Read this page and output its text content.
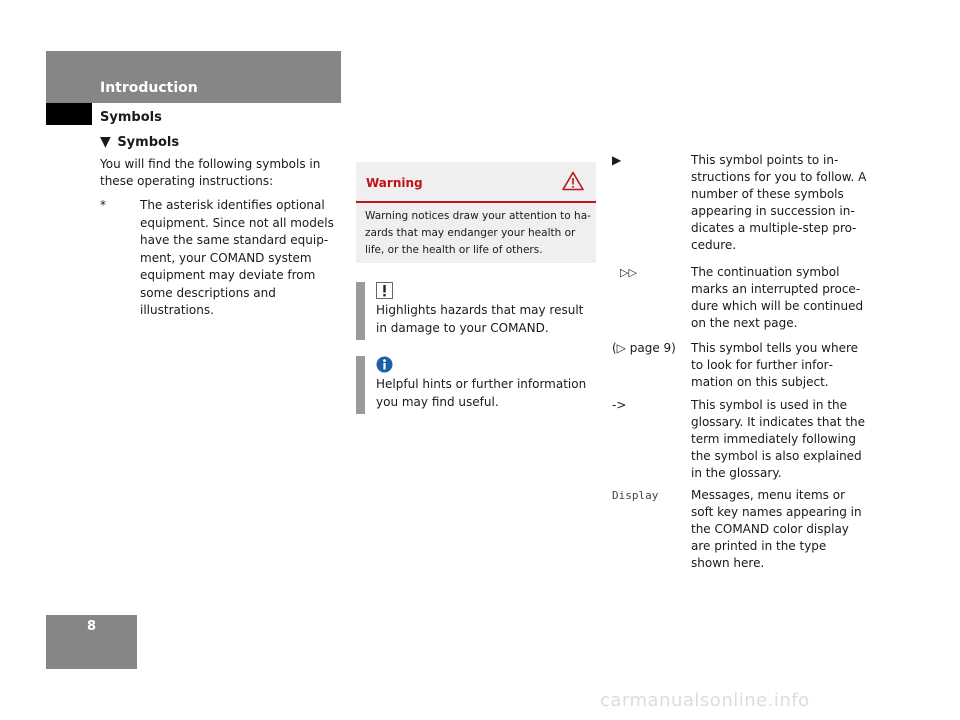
Introduction
Symbols
▼ Symbols
You will find the following symbols in these operating instructions:
*	The asterisk identifies optional equipment. Since not all models have the same standard equipment, your COMAND system equipment may deviate from some descriptions and illustrations.
Warning
Warning notices draw your attention to hazards that may endanger your health or life, or the health or life of others.
Highlights hazards that may result in damage to your COMAND.
Helpful hints or further information you may find useful.
▶	This symbol points to instructions for you to follow. A number of these symbols appearing in succession indicates a multiple-step procedure.
▷▷	The continuation symbol marks an interrupted procedure which will be continued on the next page.
(▷ page 9) This symbol tells you where to look for further information on this subject.
->	This symbol is used in the glossary. It indicates that the term immediately following the symbol is also explained in the glossary.
Display	Messages, menu items or soft key names appearing in the COMAND color display are printed in the type shown here.
8
carmanualsonline.info
